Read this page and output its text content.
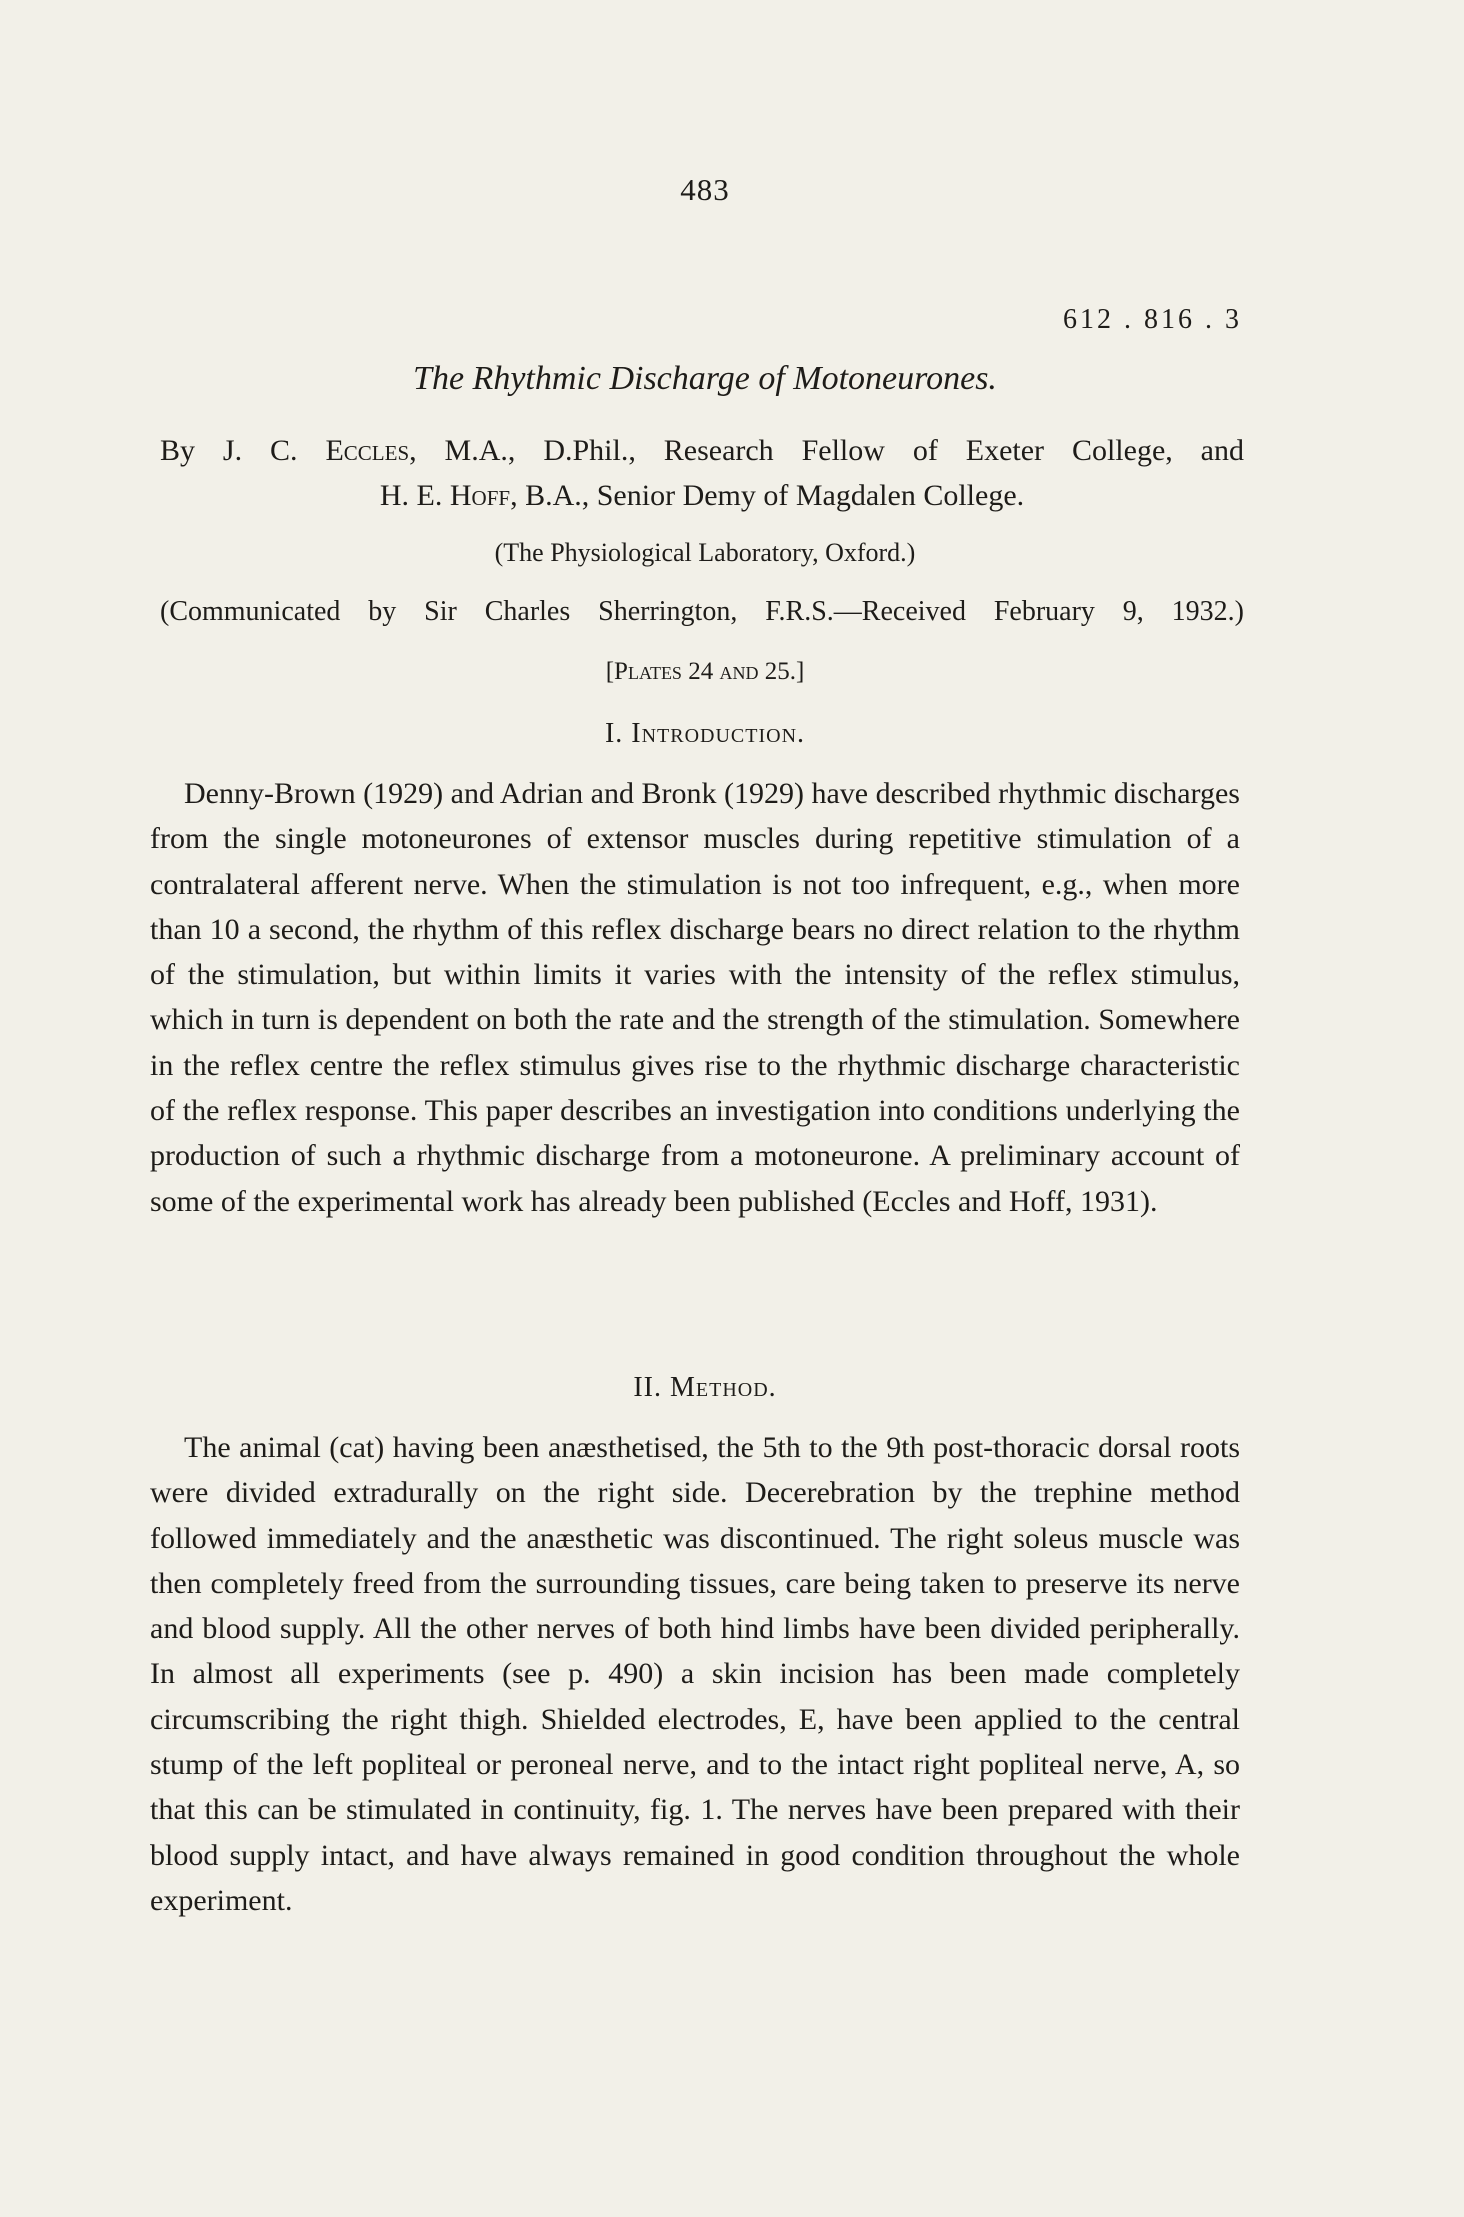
483
612 . 816 . 3
The Rhythmic Discharge of Motoneurones.
By J. C. Eccles, M.A., D.Phil., Research Fellow of Exeter College, and
H. E. Hoff, B.A., Senior Demy of Magdalen College.
(The Physiological Laboratory, Oxford.)
(Communicated by Sir Charles Sherrington, F.R.S.—Received February 9, 1932.)
[Plates 24 and 25.]
I. Introduction.

Denny-Brown (1929) and Adrian and Bronk (1929) have described rhythmic discharges from the single motoneurones of extensor muscles during repetitive stimulation of a contralateral afferent nerve. When the stimulation is not too infrequent, e.g., when more than 10 a second, the rhythm of this reflex discharge bears no direct relation to the rhythm of the stimulation, but within limits it varies with the intensity of the reflex stimulus, which in turn is dependent on both the rate and the strength of the stimulation. Somewhere in the reflex centre the reflex stimulus gives rise to the rhythmic discharge characteristic of the reflex response. This paper describes an investigation into conditions underlying the production of such a rhythmic discharge from a motoneurone. A preliminary account of some of the experimental work has already been published (Eccles and Hoff, 1931).

II. Method.

The animal (cat) having been anæsthetised, the 5th to the 9th post-thoracic dorsal roots were divided extradurally on the right side. Decerebration by the trephine method followed immediately and the anæsthetic was discontinued. The right soleus muscle was then completely freed from the surrounding tissues, care being taken to preserve its nerve and blood supply. All the other nerves of both hind limbs have been divided peripherally. In almost all experiments (see p. 490) a skin incision has been made completely circumscribing the right thigh. Shielded electrodes, E, have been applied to the central stump of the left popliteal or peroneal nerve, and to the intact right popliteal nerve, A, so that this can be stimulated in continuity, fig. 1. The nerves have been prepared with their blood supply intact, and have always remained in good condition throughout the whole experiment.
